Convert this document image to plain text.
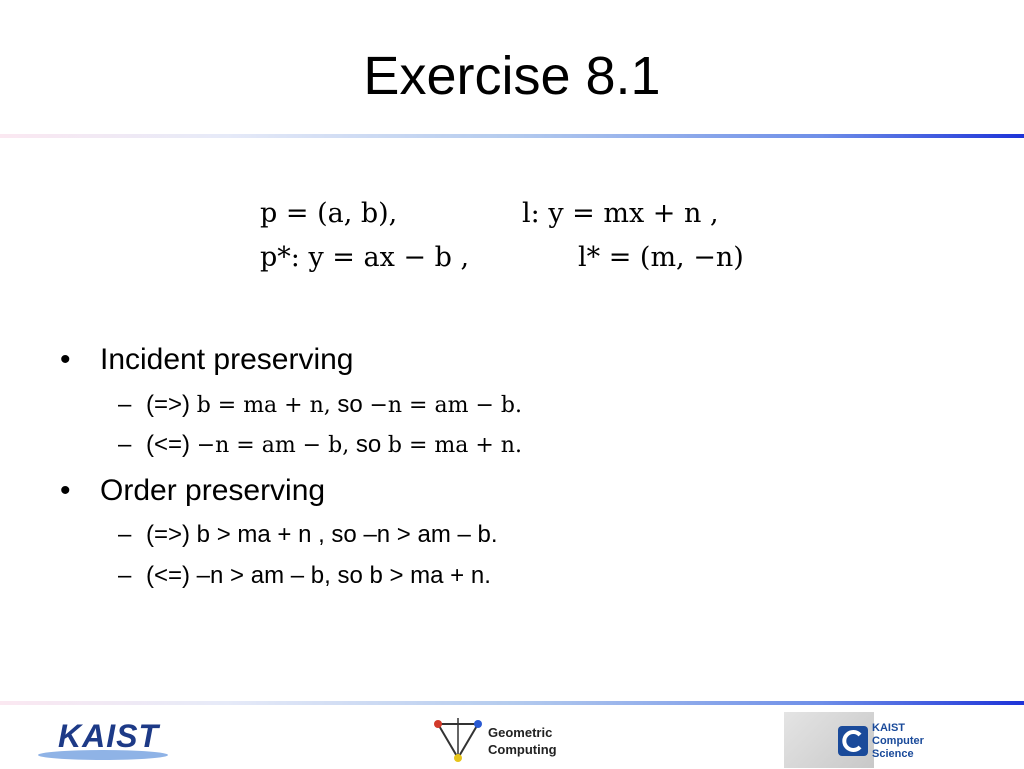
Exercise 8.1
p = (a, b),	l: y = mx + n ,
p*: y = ax − b ,	l* = (m, −n)
• Incident preserving
– (=>) b = ma + n, so −n = am − b.
– (<=) −n = am − b, so b = ma + n.
• Order preserving
– (=>) b > ma + n , so –n > am – b.
– (<=) –n > am – b, so b > ma + n.
KAIST	Geometric
Computing
KAIST
Computer
Science
